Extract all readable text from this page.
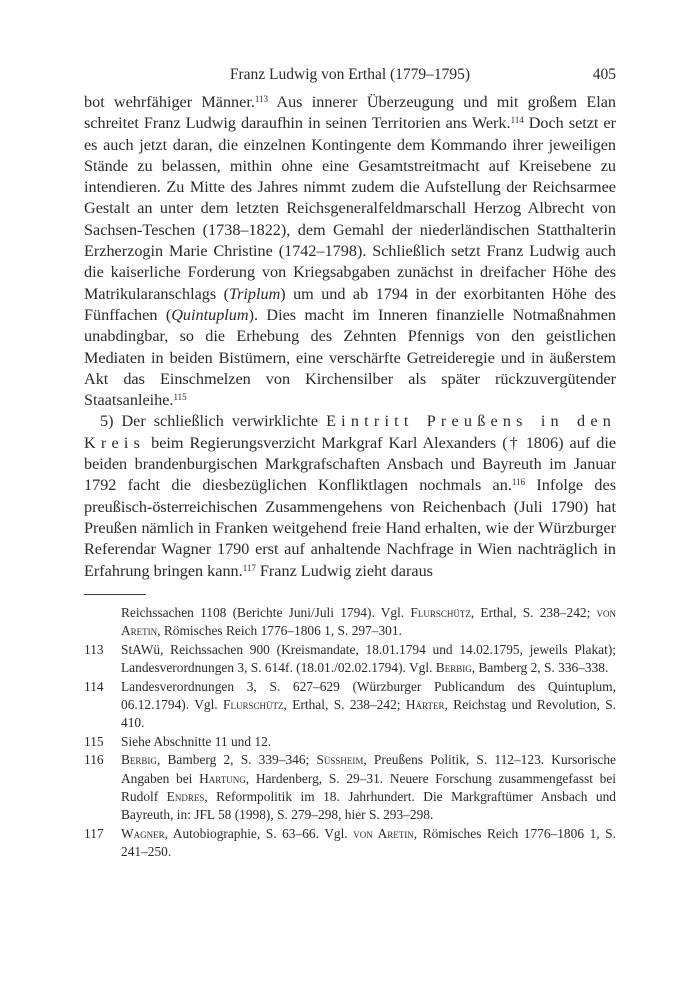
Franz Ludwig von Erthal (1779–1795)	405

bot wehrfähiger Männer.$^{113}$ Aus innerer Überzeugung und mit großem Elan schreitet Franz Ludwig daraufhin in seinen Territorien ans Werk.$^{114}$ Doch setzt er es auch jetzt daran, die einzelnen Kontingente dem Kommando ihrer jeweiligen Stände zu belassen, mithin ohne eine Gesamtstreitmacht auf Kreisebene zu intendieren. Zu Mitte des Jahres nimmt zudem die Aufstellung der Reichsarmee Gestalt an unter dem letzten Reichsgeneralfeldmarschall Herzog Albrecht von Sachsen-Teschen (1738–1822), dem Gemahl der niederländischen Statthalterin Erzherzogin Marie Christine (1742–1798). Schließlich setzt Franz Ludwig auch die kaiserliche Forderung von Kriegsabgaben zunächst in dreifacher Höhe des Matrikularanschlags (Triplum) um und ab 1794 in der exorbitanten Höhe des Fünffachen (Quintuplum). Dies macht im Inneren finanzielle Notmaßnahmen unabdingbar, so die Erhebung des Zehnten Pfennigs von den geistlichen Mediaten in beiden Bistümern, eine verschärfte Getreideregie und in äußerstem Akt das Einschmelzen von Kirchensilber als später rückzuvergütender Staatsanleihe.$^{115}$

5) Der schließlich verwirklichte Eintritt Preußens in den Kreis beim Regierungsverzicht Markgraf Karl Alexanders († 1806) auf die beiden brandenburgischen Markgrafschaften Ansbach und Bayreuth im Januar 1792 facht die diesbezüglichen Konfliktlagen nochmals an.$^{116}$ Infolge des preußisch-österreichischen Zusammengehens von Reichenbach (Juli 1790) hat Preußen nämlich in Franken weitgehend freie Hand erhalten, wie der Würzburger Referendar Wagner 1790 erst auf anhaltende Nachfrage in Wien nachträglich in Erfahrung bringen kann.$^{117}$ Franz Ludwig zieht daraus

Reichssachen 1108 (Berichte Juni/Juli 1794). Vgl. Flurschütz, Erthal, S. 238–242; von Aretin, Römisches Reich 1776–1806 1, S. 297–301.
113 StAWü, Reichssachen 900 (Kreismandate, 18.01.1794 und 14.02.1795, jeweils Plakat); Landesverordnungen 3, S. 614f. (18.01./02.02.1794). Vgl. Berbig, Bamberg 2, S. 336–338.
114 Landesverordnungen 3, S. 627–629 (Würzburger Publicandum des Quintuplum, 06.12.1794). Vgl. Flurschütz, Erthal, S. 238–242; Härter, Reichstag und Revolution, S. 410.
115 Siehe Abschnitte 11 und 12.
116 Berbig, Bamberg 2, S. 339–346; Süssheim, Preußens Politik, S. 112–123. Kursorische Angaben bei Hartung, Hardenberg, S. 29–31. Neuere Forschung zusammengefasst bei Rudolf Endres, Reformpolitik im 18. Jahrhundert. Die Markgraftümer Ansbach und Bayreuth, in: JFL 58 (1998), S. 279–298, hier S. 293–298.
117 Wagner, Autobiographie, S. 63–66. Vgl. von Aretin, Römisches Reich 1776–1806 1, S. 241–250.
